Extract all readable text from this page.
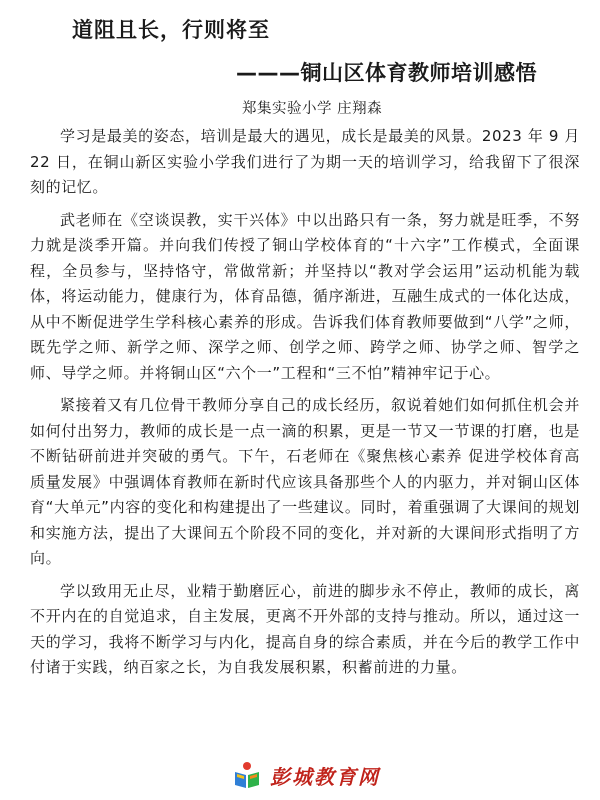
道阻且长，行则将至
———铜山区体育教师培训感悟
郑集实验小学 庄翔森

学习是最美的姿态，培训是最大的遇见，成长是最美的风景。2023 年 9 月 22 日，在铜山新区实验小学我们进行了为期一天的培训学习，给我留下了很深刻的记忆。

武老师在《空谈误教，实干兴体》中以出路只有一条，努力就是旺季，不努力就是淡季开篇。并向我们传授了铜山学校体育的“十六字”工作模式，全面课程，全员参与，坚持恪守，常做常新；并坚持以“教对学会运用”运动机能为载体，将运动能力，健康行为，体育品德，循序渐进，互融生成式的一体化达成，从中不断促进学生学科核心素养的形成。告诉我们体育教师要做到“八学”之师，既先学之师、新学之师、深学之师、创学之师、跨学之师、协学之师、智学之师、导学之师。并将铜山区“六个一”工程和“三不怕”精神牢记于心。

紧接着又有几位骨干教师分享自己的成长经历，叙说着她们如何抓住机会并如何付出努力，教师的成长是一点一滴的积累，更是一节又一节课的打磨，也是不断钻研前进并突破的勇气。下午，石老师在《聚焦核心素养 促进学校体育高质量发展》中强调体育教师在新时代应该具备那些个人的内驱力，并对铜山区体育“大单元”内容的变化和构建提出了一些建议。同时，着重强调了大课间的规划和实施方法，提出了大课间五个阶段不同的变化，并对新的大课间形式指明了方向。

学以致用无止尽，业精于勤磨匠心，前进的脚步永不停止，教师的成长，离不开内在的自觉追求，自主发展，更离不开外部的支持与推动。所以，通过这一天的学习，我将不断学习与内化，提高自身的综合素质，并在今后的教学工作中付诸于实践，纳百家之长，为自我发展积累，积蓄前进的力量。

彭城教育网
